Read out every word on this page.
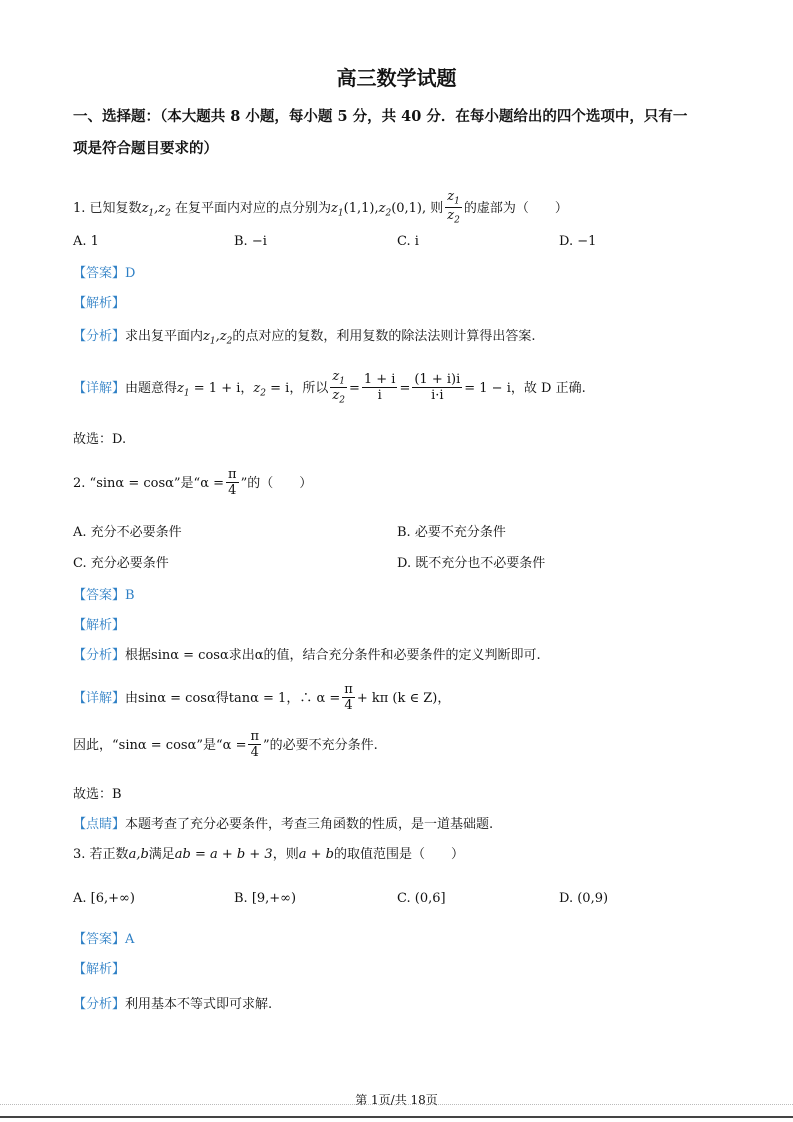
高三数学试题
一、选择题：（本大题共 8 小题，每小题 5 分，共 40 分．在每小题给出的四个选项中，只有一
项是符合题目要求的）
1. 已知复数$z_1,z_2$ 在复平面内对应的点分别为$z_1(1,1),z_2(0,1)$, 则 $\frac{z_1}{z_2}$ 的虚部为（　　）
A. 1	B. −i	C. i	D. −1
【答案】D
【解析】
【分析】求出复平面内$z_1,z_2$的点对应的复数，利用复数的除法法则计算得出答案.
【详解】由题意得$z_1 = 1 + i$，$z_2 = i$，所以 $\frac{z_1}{z_2} = \frac{1 + i}{i} = \frac{(1 + i)i}{i\cdot i} = 1 - i$，故 D 正确.
故选：D.
2. “sinα = cosα”是“$\alpha = \frac{\pi}{4}$ ”的（　　）
A. 充分不必要条件	B. 必要不充分条件
C. 充分必要条件	D. 既不充分也不必要条件
【答案】B
【解析】
【分析】根据sinα = cosα求出α的值，结合充分条件和必要条件的定义判断即可.
【详解】由sinα = cosα得tanα = 1，∴ $\alpha = \frac{\pi}{4} + k\pi$ (k ∈ Z)，
因此，“sinα = cosα”是“$\alpha = \frac{\pi}{4}$ ”的必要不充分条件.
故选：B
【点睛】本题考查了充分必要条件，考查三角函数的性质，是一道基础题.
3. 若正数a,b满足ab = a + b + 3，则a + b的取值范围是（　　）
A. [6,+∞)	B. [9,+∞)	C. (0,6]	D. (0,9)
【答案】A
【解析】
【分析】利用基本不等式即可求解.
第 1页/共 18页
